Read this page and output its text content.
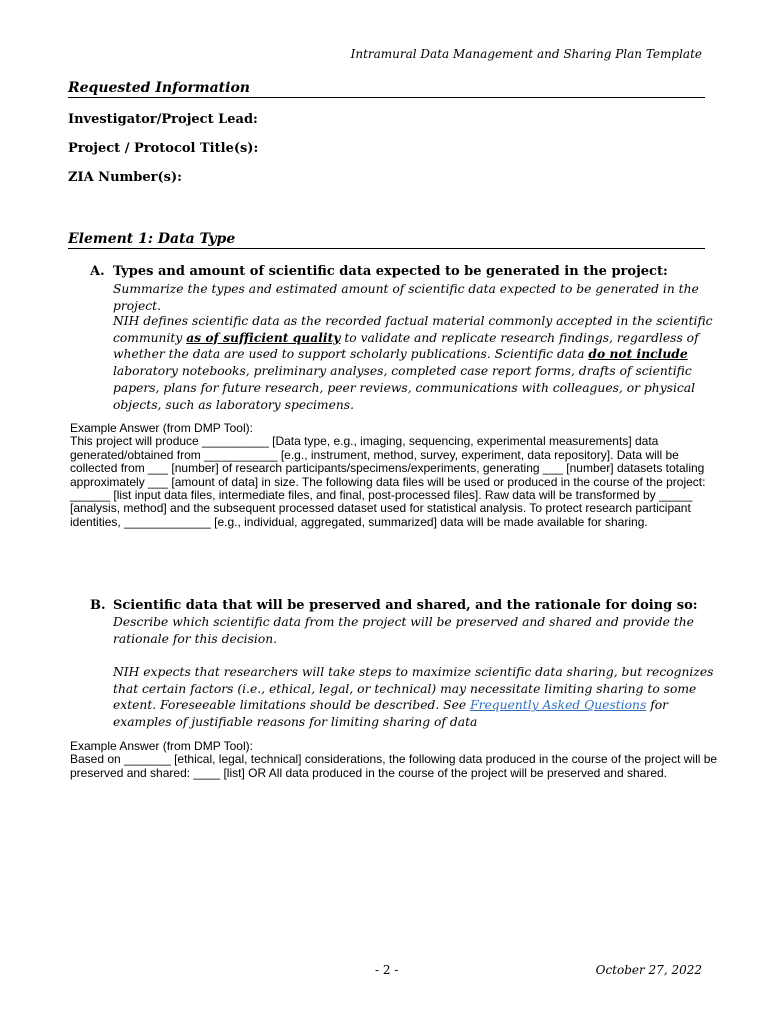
Intramural Data Management and Sharing Plan Template
Requested Information
Investigator/Project Lead:
Project / Protocol Title(s):
ZIA Number(s):
Element 1: Data Type
A. Types and amount of scientific data expected to be generated in the project:
Summarize the types and estimated amount of scientific data expected to be generated in the project.
NIH defines scientific data as the recorded factual material commonly accepted in the scientific community as of sufficient quality to validate and replicate research findings, regardless of whether the data are used to support scholarly publications. Scientific data do not include laboratory notebooks, preliminary analyses, completed case report forms, drafts of scientific papers, plans for future research, peer reviews, communications with colleagues, or physical objects, such as laboratory specimens.
Example Answer (from DMP Tool):
This project will produce __________ [Data type, e.g., imaging, sequencing, experimental measurements] data generated/obtained from ___________ [e.g., instrument, method, survey, experiment, data repository]. Data will be collected from ___ [number] of research participants/specimens/experiments, generating ___ [number] datasets totaling approximately ___ [amount of data] in size. The following data files will be used or produced in the course of the project: ______ [list input data files, intermediate files, and final, post-processed files]. Raw data will be transformed by _____ [analysis, method] and the subsequent processed dataset used for statistical analysis. To protect research participant identities, _____________ [e.g., individual, aggregated, summarized] data will be made available for sharing.
B. Scientific data that will be preserved and shared, and the rationale for doing so:
Describe which scientific data from the project will be preserved and shared and provide the rationale for this decision.
NIH expects that researchers will take steps to maximize scientific data sharing, but recognizes that certain factors (i.e., ethical, legal, or technical) may necessitate limiting sharing to some extent. Foreseeable limitations should be described. See Frequently Asked Questions for examples of justifiable reasons for limiting sharing of data
Example Answer (from DMP Tool):
Based on _______ [ethical, legal, technical] considerations, the following data produced in the course of the project will be preserved and shared: ____ [list] OR All data produced in the course of the project will be preserved and shared.
- 2 -	October 27, 2022
